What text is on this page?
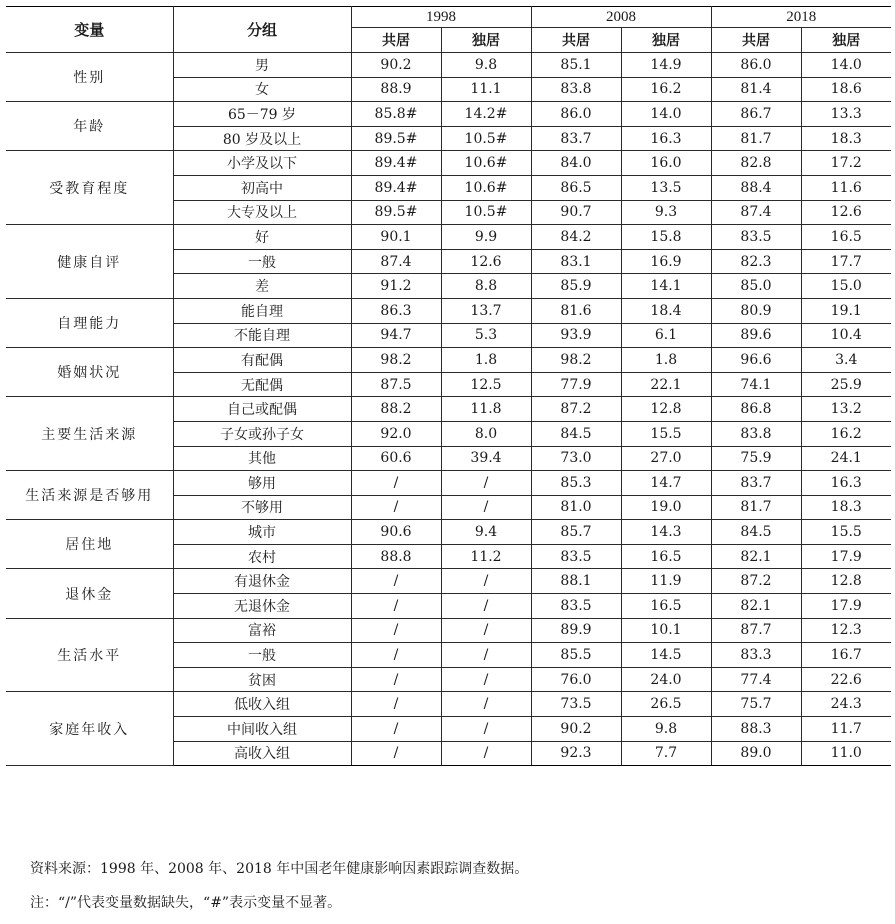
变量	分组	1998		2008		2018	
		共居	独居	共居	独居	共居	独居
性别	男	90.2	9.8	85.1	14.9	86.0	14.0
	女	88.9	11.1	83.8	16.2	81.4	18.6
年龄	65－79 岁	85.8#	14.2#	86.0	14.0	86.7	13.3
	80 岁及以上	89.5#	10.5#	83.7	16.3	81.7	18.3
受教育程度	小学及以下	89.4#	10.6#	84.0	16.0	82.8	17.2
	初高中	89.4#	10.6#	86.5	13.5	88.4	11.6
	大专及以上	89.5#	10.5#	90.7	9.3	87.4	12.6
健康自评	好	90.1	9.9	84.2	15.8	83.5	16.5
	一般	87.4	12.6	83.1	16.9	82.3	17.7
	差	91.2	8.8	85.9	14.1	85.0	15.0
自理能力	能自理	86.3	13.7	81.6	18.4	80.9	19.1
	不能自理	94.7	5.3	93.9	6.1	89.6	10.4
婚姻状况	有配偶	98.2	1.8	98.2	1.8	96.6	3.4
	无配偶	87.5	12.5	77.9	22.1	74.1	25.9
主要生活来源	自己或配偶	88.2	11.8	87.2	12.8	86.8	13.2
	子女或孙子女	92.0	8.0	84.5	15.5	83.8	16.2
	其他	60.6	39.4	73.0	27.0	75.9	24.1
生活来源是否够用	够用	/	/	85.3	14.7	83.7	16.3
	不够用	/	/	81.0	19.0	81.7	18.3
居住地	城市	90.6	9.4	85.7	14.3	84.5	15.5
	农村	88.8	11.2	83.5	16.5	82.1	17.9
退休金	有退休金	/	/	88.1	11.9	87.2	12.8
	无退休金	/	/	83.5	16.5	82.1	17.9
生活水平	富裕	/	/	89.9	10.1	87.7	12.3
	一般	/	/	85.5	14.5	83.3	16.7
	贫困	/	/	76.0	24.0	77.4	22.6
家庭年收入	低收入组	/	/	73.5	26.5	75.7	24.3
	中间收入组	/	/	90.2	9.8	88.3	11.7
	高收入组	/	/	92.3	7.7	89.0	11.0
资料来源：1998 年、2008 年、2018 年中国老年健康影响因素跟踪调查数据。
注：“/”代表变量数据缺失，“#”表示变量不显著。
